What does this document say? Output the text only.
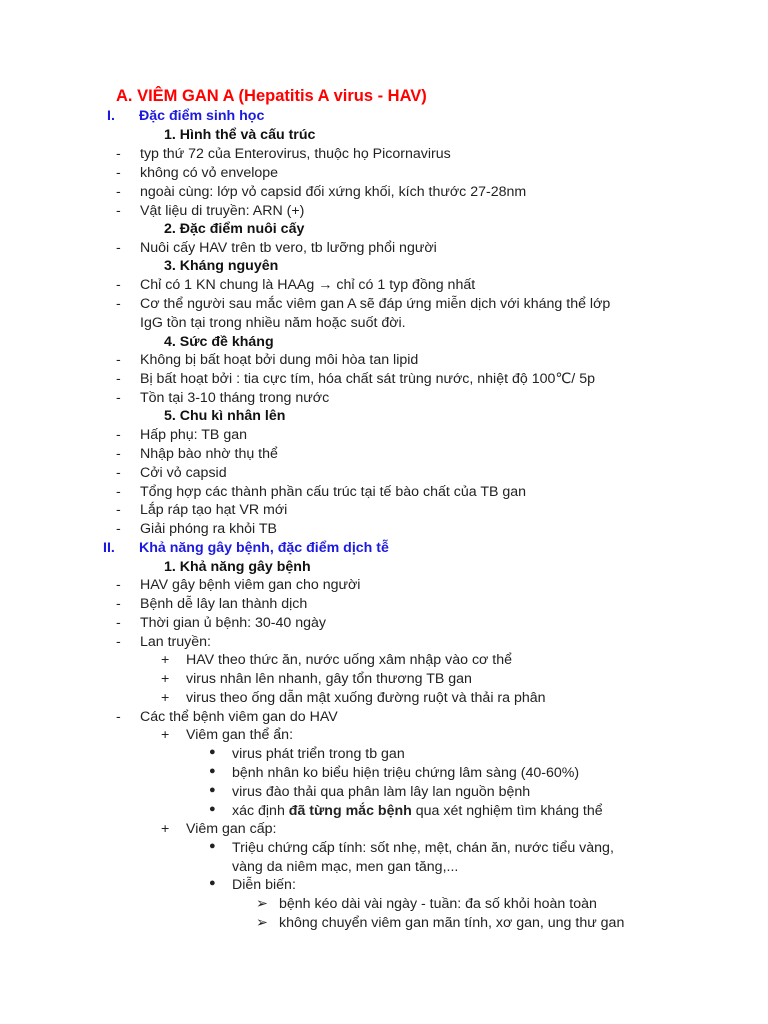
A. VIÊM GAN A (Hepatitis A virus - HAV)
I. Đặc điểm sinh học
1. Hình thể và cấu trúc
- typ thứ 72 của Enterovirus, thuộc họ Picornavirus
- không có vỏ envelope
- ngoài cùng: lớp vỏ capsid đối xứng khối, kích thước 27-28nm
- Vật liệu di truyền: ARN (+)
2. Đặc điểm nuôi cấy
- Nuôi cấy HAV trên tb vero, tb lưỡng phổi người
3. Kháng nguyên
- Chỉ có 1 KN chung là HAAg → chỉ có 1 typ đồng nhất
- Cơ thể người sau mắc viêm gan A sẽ đáp ứng miễn dịch với kháng thể lớp
IgG tồn tại trong nhiều năm hoặc suốt đời.
4. Sức đề kháng
- Không bị bất hoạt bởi dung môi hòa tan lipid
- Bị bất hoạt bởi : tia cực tím, hóa chất sát trùng nước, nhiệt độ 100℃/ 5p
- Tồn tại 3-10 tháng trong nước
5. Chu kì nhân lên
- Hấp phụ: TB gan
- Nhập bào nhờ thụ thể
- Cởi vỏ capsid
- Tổng hợp các thành phần cấu trúc tại tế bào chất của TB gan
- Lắp ráp tạo hạt VR mới
- Giải phóng ra khỏi TB
II. Khả năng gây bệnh, đặc điểm dịch tễ
1. Khả năng gây bệnh
- HAV gây bệnh viêm gan cho người
- Bệnh dễ lây lan thành dịch
- Thời gian ủ bệnh: 30-40 ngày
- Lan truyền:
+ HAV theo thức ăn, nước uống xâm nhập vào cơ thể
+ virus nhân lên nhanh, gây tổn thương TB gan
+ virus theo ống dẫn mật xuống đường ruột và thải ra phân
- Các thể bệnh viêm gan do HAV
+ Viêm gan thể ẩn:
● virus phát triển trong tb gan
● bệnh nhân ko biểu hiện triệu chứng lâm sàng (40-60%)
● virus đào thải qua phân làm lây lan nguồn bệnh
● xác định đã từng mắc bệnh qua xét nghiệm tìm kháng thể
+ Viêm gan cấp:
● Triệu chứng cấp tính: sốt nhẹ, mệt, chán ăn, nước tiểu vàng,
vàng da niêm mạc, men gan tăng,...
● Diễn biến:
➢ bệnh kéo dài vài ngày - tuần: đa số khỏi hoàn toàn
➢ không chuyển viêm gan mãn tính, xơ gan, ung thư gan
